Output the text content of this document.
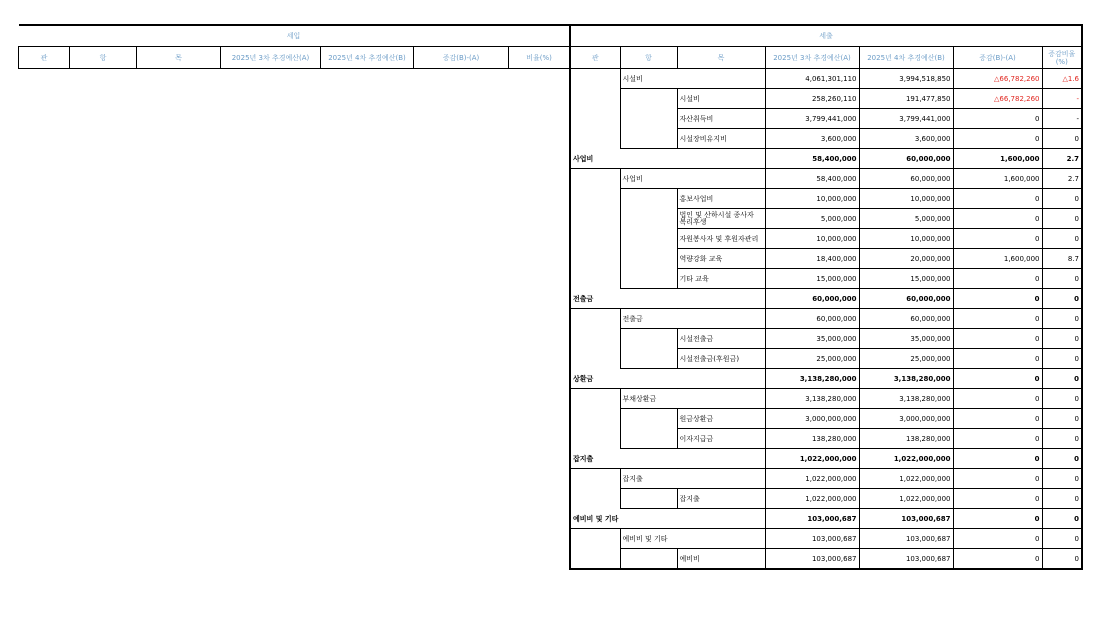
세입
관	항	목	2025년 3차 추경예산(A)	2025년 4차 추경예산(B)	증감(B)-(A)	비율(%)
세출						
관	항	목	2025년 3차 추경예산(A)	2025년 4차 추경예산(B)	증감(B)-(A)	증감비율
(%)
	시설비		4,061,301,110	3,994,518,850	△66,782,260	△1.6
		시설비	258,260,110	191,477,850	△66,782,260	-
		자산취득비	3,799,441,000	3,799,441,000	0	-
		시설장비유지비	3,600,000	3,600,000	0	0
사업비			58,400,000	60,000,000	1,600,000	2.7
	사업비		58,400,000	60,000,000	1,600,000	2.7
		홍보사업비	10,000,000	10,000,000	0	0
		법인 및 산하시설 종사자 복리후생	5,000,000	5,000,000	0	0
		자원봉사자 및 후원자관리	10,000,000	10,000,000	0	0
		역량강화 교육	18,400,000	20,000,000	1,600,000	8.7
		기타 교육	15,000,000	15,000,000	0	0
전출금			60,000,000	60,000,000	0	0
	전출금		60,000,000	60,000,000	0	0
		시설전출금	35,000,000	35,000,000	0	0
		시설전출금(후원금)	25,000,000	25,000,000	0	0
상환금			3,138,280,000	3,138,280,000	0	0
	부채상환금		3,138,280,000	3,138,280,000	0	0
		원금상환금	3,000,000,000	3,000,000,000	0	0
		이자지급금	138,280,000	138,280,000	0	0
잡지출			1,022,000,000	1,022,000,000	0	0
	잡지출		1,022,000,000	1,022,000,000	0	0
		잡지출	1,022,000,000	1,022,000,000	0	0
예비비 및 기타			103,000,687	103,000,687	0	0
	예비비 및 기타		103,000,687	103,000,687	0	0
		예비비	103,000,687	103,000,687	0	0
